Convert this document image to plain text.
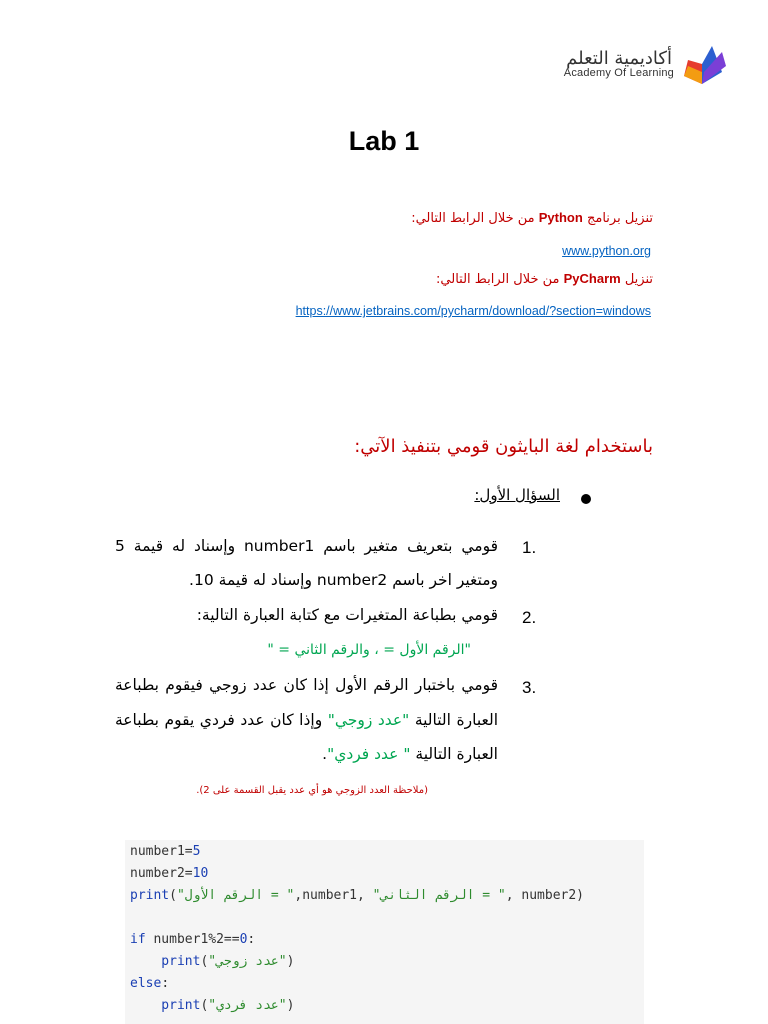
أكاديمية التعلم
Academy Of Learning
Lab 1
تنزيل برنامج Python من خلال الرابط التالي:
www.python.org
تنزيل PyCharm من خلال الرابط التالي:
https://www.jetbrains.com/pycharm/download/?section=windows
باستخدام لغة البايثون قومي بتنفيذ الآتي:
السؤال الأول:
1.
قومي بتعريف متغير باسم number1 وإسناد له قيمة 5
ومتغير اخر باسم number2 وإسناد له قيمة 10.
2.
قومي بطباعة المتغيرات مع كتابة العبارة التالية:
"الرقم الأول = ، والرقم الثاني = "
3.
قومي باختبار الرقم الأول إذا كان عدد زوجي فيقوم بطباعة
العبارة التالية "عدد زوجي" وإذا كان عدد فردي يقوم بطباعة
العبارة التالية " عدد فردي".
(ملاحظة العدد الزوجي هو أي عدد يقبل القسمة على 2).
number1=5
number2=10
print("الرقم الأول = ",number1, "الرقم الثاني = ", number2)
if number1%2==0:
print("عدد زوجي")
else:
print("عدد فردي")
